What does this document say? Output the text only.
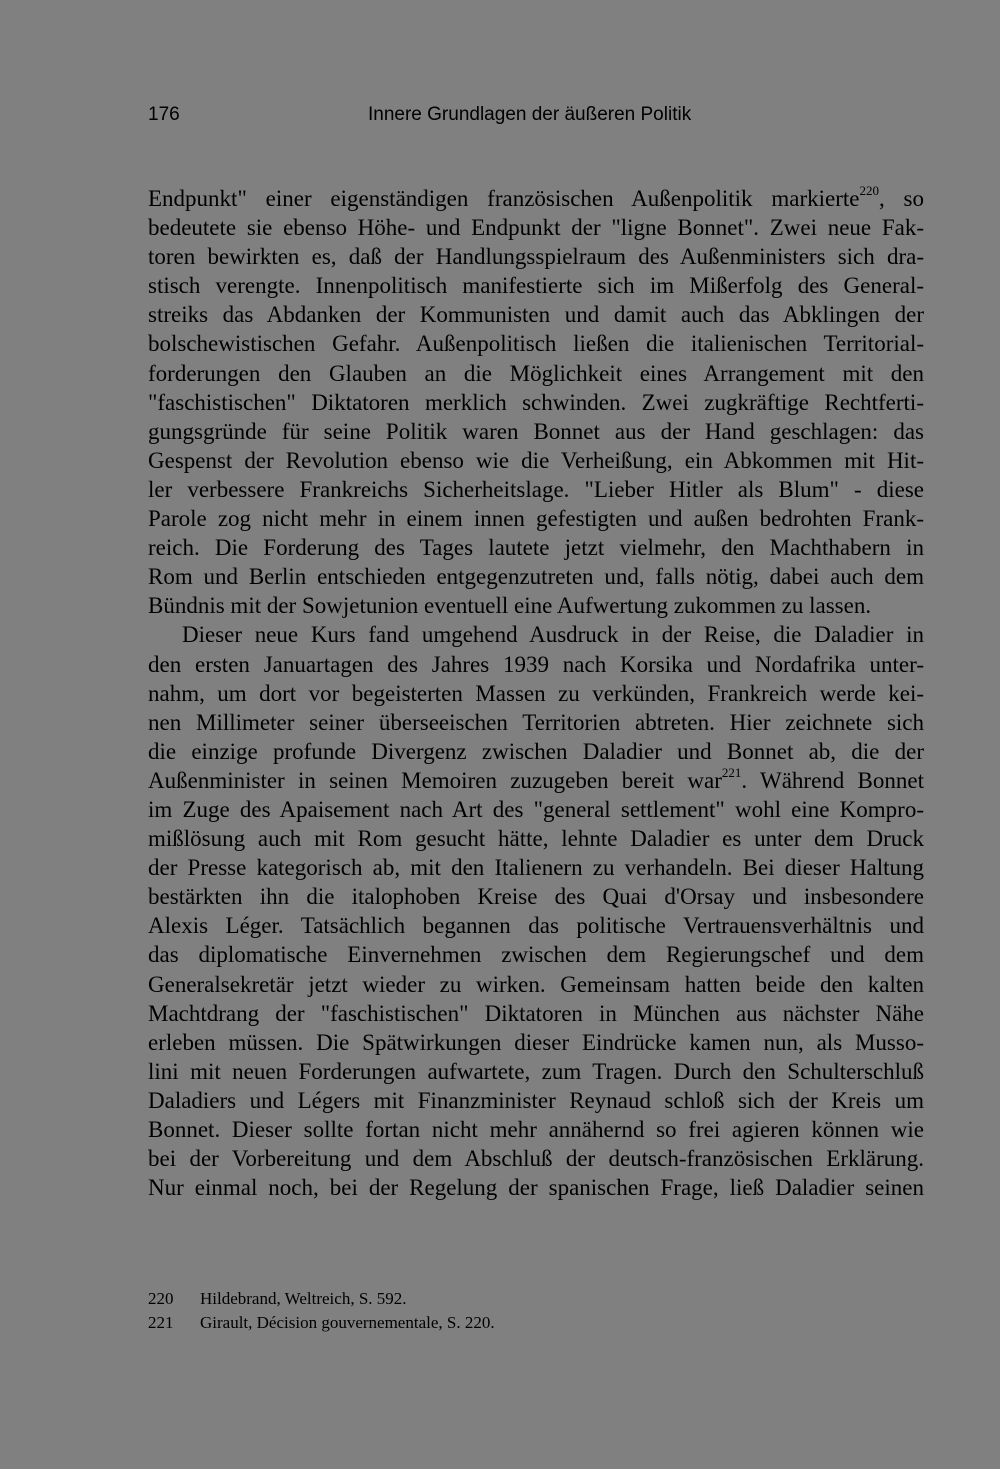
176	Innere Grundlagen der äußeren Politik
Endpunkt" einer eigenständigen französischen Außenpolitik markierte$^{220}$, so
bedeutete sie ebenso Höhe- und Endpunkt der "ligne Bonnet". Zwei neue Fak-
toren bewirkten es, daß der Handlungsspielraum des Außenministers sich dra-
stisch verengte. Innenpolitisch manifestierte sich im Mißerfolg des General-
streiks das Abdanken der Kommunisten und damit auch das Abklingen der
bolschewistischen Gefahr. Außenpolitisch ließen die italienischen Territorial-
forderungen den Glauben an die Möglichkeit eines Arrangement mit den
"faschistischen" Diktatoren merklich schwinden. Zwei zugkräftige Rechtferti-
gungsgründe für seine Politik waren Bonnet aus der Hand geschlagen: das
Gespenst der Revolution ebenso wie die Verheißung, ein Abkommen mit Hit-
ler verbessere Frankreichs Sicherheitslage. "Lieber Hitler als Blum" - diese
Parole zog nicht mehr in einem innen gefestigten und außen bedrohten Frank-
reich. Die Forderung des Tages lautete jetzt vielmehr, den Machthabern in
Rom und Berlin entschieden entgegenzutreten und, falls nötig, dabei auch dem
Bündnis mit der Sowjetunion eventuell eine Aufwertung zukommen zu lassen.
Dieser neue Kurs fand umgehend Ausdruck in der Reise, die Daladier in
den ersten Januartagen des Jahres 1939 nach Korsika und Nordafrika unter-
nahm, um dort vor begeisterten Massen zu verkünden, Frankreich werde kei-
nen Millimeter seiner überseeischen Territorien abtreten. Hier zeichnete sich
die einzige profunde Divergenz zwischen Daladier und Bonnet ab, die der
Außenminister in seinen Memoiren zuzugeben bereit war$^{221}$. Während Bonnet
im Zuge des Apaisement nach Art des "general settlement" wohl eine Kompro-
mißlösung auch mit Rom gesucht hätte, lehnte Daladier es unter dem Druck
der Presse kategorisch ab, mit den Italienern zu verhandeln. Bei dieser Haltung
bestärkten ihn die italophoben Kreise des Quai d'Orsay und insbesondere
Alexis Léger. Tatsächlich begannen das politische Vertrauensverhältnis und
das diplomatische Einvernehmen zwischen dem Regierungschef und dem
Generalsekretär jetzt wieder zu wirken. Gemeinsam hatten beide den kalten
Machtdrang der "faschistischen" Diktatoren in München aus nächster Nähe
erleben müssen. Die Spätwirkungen dieser Eindrücke kamen nun, als Musso-
lini mit neuen Forderungen aufwartete, zum Tragen. Durch den Schulterschluß
Daladiers und Légers mit Finanzminister Reynaud schloß sich der Kreis um
Bonnet. Dieser sollte fortan nicht mehr annähernd so frei agieren können wie
bei der Vorbereitung und dem Abschluß der deutsch-französischen Erklärung.
Nur einmal noch, bei der Regelung der spanischen Frage, ließ Daladier seinen
220 Hildebrand, Weltreich, S. 592.
221 Girault, Décision gouvernementale, S. 220.
